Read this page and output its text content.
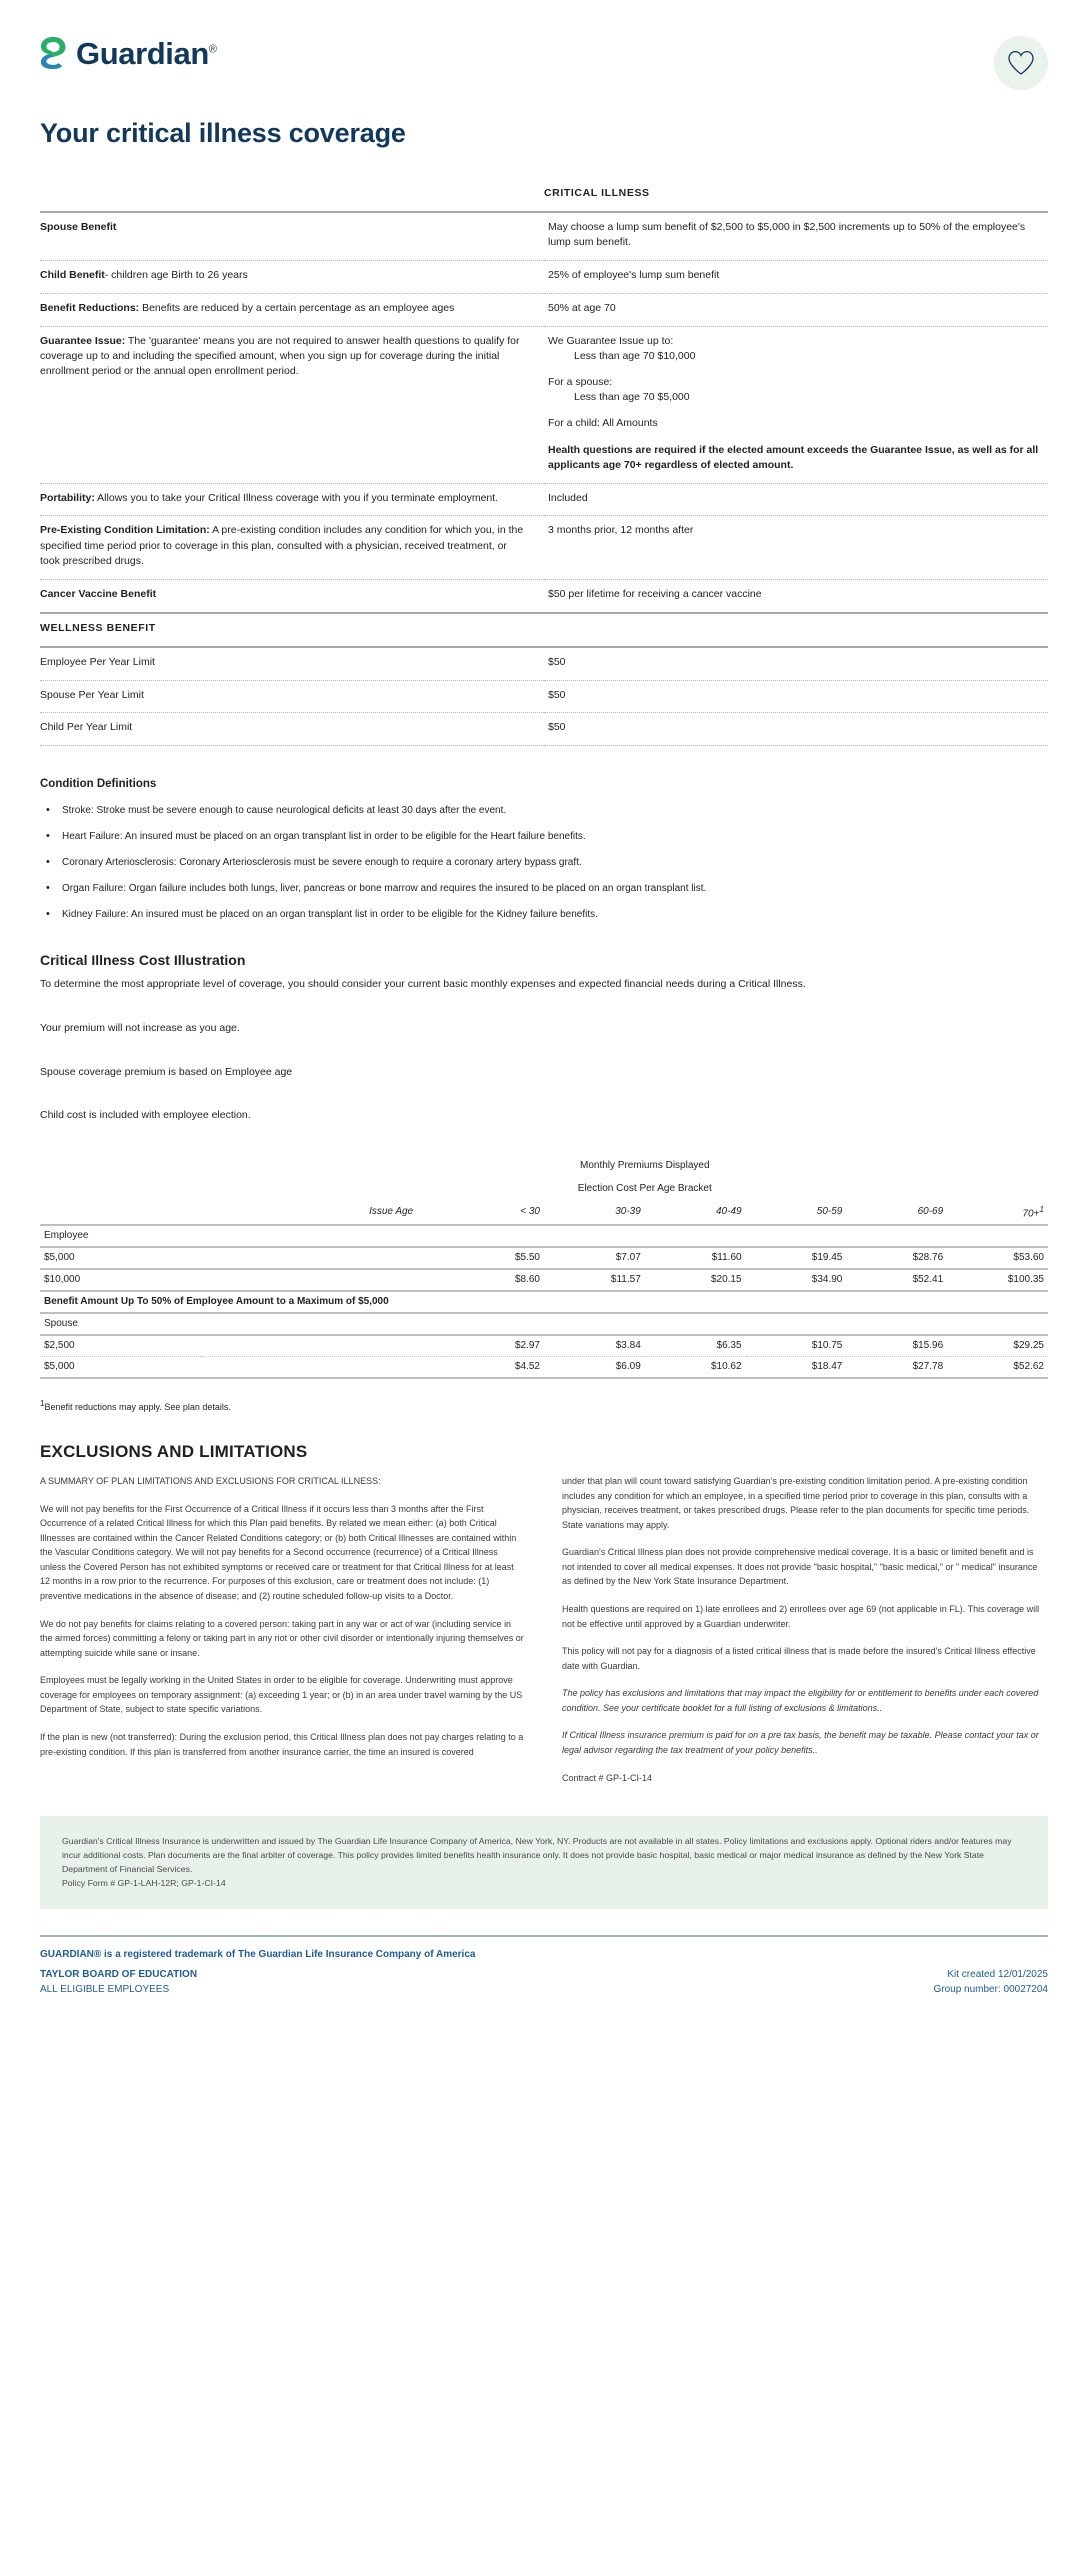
Guardian®
Your critical illness coverage
	CRITICAL ILLNESS

Spouse Benefit	May choose a lump sum benefit of $2,500 to $5,000 in $2,500 increments up to 50% of the employee's lump sum benefit.

Child Benefit- children age Birth to 26 years	25% of employee's lump sum benefit

Benefit Reductions: Benefits are reduced by a certain percentage as an employee ages	50% at age 70

Guarantee Issue: The 'guarantee' means you are not required to answer health questions to qualify for coverage up to and including the specified amount, when you sign up for coverage during the initial enrollment period or the annual open enrollment period.	We Guarantee Issue up to:
Less than age 70 $10,000
For a spouse:
Less than age 70 $5,000
For a child: All Amounts
Health questions are required if the elected amount exceeds the Guarantee Issue, as well as for all applicants age 70+ regardless of elected amount.

Portability: Allows you to take your Critical Illness coverage with you if you terminate employment.	Included

Pre-Existing Condition Limitation: A pre-existing condition includes any condition for which you, in the specified time period prior to coverage in this plan, consulted with a physician, received treatment, or took prescribed drugs.	3 months prior, 12 months after

Cancer Vaccine Benefit	$50 per lifetime for receiving a cancer vaccine

WELLNESS BENEFIT	

Employee Per Year Limit	$50

Spouse Per Year Limit	$50

Child Per Year Limit	$50

Condition Definitions
• Stroke: Stroke must be severe enough to cause neurological deficits at least 30 days after the event.
• Heart Failure: An insured must be placed on an organ transplant list in order to be eligible for the Heart failure benefits.
• Coronary Arteriosclerosis: Coronary Arteriosclerosis must be severe enough to require a coronary artery bypass graft.
• Organ Failure: Organ failure includes both lungs, liver, pancreas or bone marrow and requires the insured to be placed on an organ transplant list.
• Kidney Failure: An insured must be placed on an organ transplant list in order to be eligible for the Kidney failure benefits.
Critical Illness Cost Illustration

To determine the most appropriate level of coverage, you should consider your current basic monthly expenses and expected financial needs during a Critical Illness.

Your premium will not increase as you age.

Spouse coverage premium is based on Employee age

Child cost is included with employee election.

			Monthly Premiums Displayed				
			Election Cost Per Age Bracket				
	Issue Age	< 30	30-39	40-49	50-59	60-69	70+$^1$

Employee							

$5,000		$5.50	$7.07	$11.60	$19.45	$28.76	$53.60

$10,000		$8.60	$11.57	$20.15	$34.90	$52.41	$100.35

Benefit Amount Up To 50% of Employee Amount to a Maximum of $5,000							

Spouse							

$2,500		$2.97	$3.84	$6.35	$10.75	$15.96	$29.25

$5,000		$4.52	$6.09	$10.62	$18.47	$27.78	$52.62

$^1$Benefit reductions may apply. See plan details.
EXCLUSIONS AND LIMITATIONS

A SUMMARY OF PLAN LIMITATIONS AND EXCLUSIONS FOR CRITICAL ILLNESS:

We will not pay benefits for the First Occurrence of a Critical Illness if it occurs less than 3 months after the First Occurrence of a related Critical Illness for which this Plan paid benefits. By related we mean either: (a) both Critical Illnesses are contained within the Cancer Related Conditions category; or (b) both Critical Illnesses are contained within the Vascular Conditions category. We will not pay benefits for a Second occurrence (recurrence) of a Critical Illness unless the Covered Person has not exhibited symptoms or received care or treatment for that Critical Illness for at least 12 months in a row prior to the recurrence. For purposes of this exclusion, care or treatment does not include: (1) preventive medications in the absence of disease; and (2) routine scheduled follow-up visits to a Doctor.

We do not pay benefits for claims relating to a covered person: taking part in any war or act of war (including service in the armed forces) committing a felony or taking part in any riot or other civil disorder or intentionally injuring themselves or attempting suicide while sane or insane.

Employees must be legally working in the United States in order to be eligible for coverage. Underwriting must approve coverage for employees on temporary assignment: (a) exceeding 1 year; or (b) in an area under travel warning by the US Department of State, subject to state specific variations.

If the plan is new (not transferred): During the exclusion period, this Critical Illness plan does not pay charges relating to a pre-existing condition. If this plan is transferred from another insurance carrier, the time an insured is covered

under that plan will count toward satisfying Guardian's pre-existing condition limitation period. A pre-existing condition includes any condition for which an employee, in a specified time period prior to coverage in this plan, consults with a physician, receives treatment, or takes prescribed drugs. Please refer to the plan documents for specific time periods. State variations may apply.

Guardian's Critical Illness plan does not provide comprehensive medical coverage. It is a basic or limited benefit and is not intended to cover all medical expenses. It does not provide "basic hospital," "basic medical," or " medical" insurance as defined by the New York State Insurance Department.

Health questions are required on 1) late enrollees and 2) enrollees over age 69 (not applicable in FL). This coverage will not be effective until approved by a Guardian underwriter.

This policy will not pay for a diagnosis of a listed critical illness that is made before the insured's Critical Illness effective date with Guardian.

The policy has exclusions and limitations that may impact the eligibility for or entitlement to benefits under each covered condition. See your certificate booklet for a full listing of exclusions & limitations..

If Critical Illness insurance premium is paid for on a pre tax basis, the benefit may be taxable. Please contact your tax or legal advisor regarding the tax treatment of your policy benefits..

Contract # GP-1-CI-14

Guardian's Critical Illness Insurance is underwritten and issued by The Guardian Life Insurance Company of America, New York, NY. Products are not available in all states. Policy limitations and exclusions apply. Optional riders and/or features may incur additional costs. Plan documents are the final arbiter of coverage. This policy provides limited benefits health insurance only. It does not provide basic hospital, basic medical or major medical insurance as defined by the New York State Department of Financial Services.

Policy Form # GP-1-LAH-12R; GP-1-CI-14

GUARDIAN® is a registered trademark of The Guardian Life Insurance Company of America
TAYLOR BOARD OF EDUCATION
ALL ELIGIBLE EMPLOYEES
Kit created 12/01/2025
Group number: 00027204
